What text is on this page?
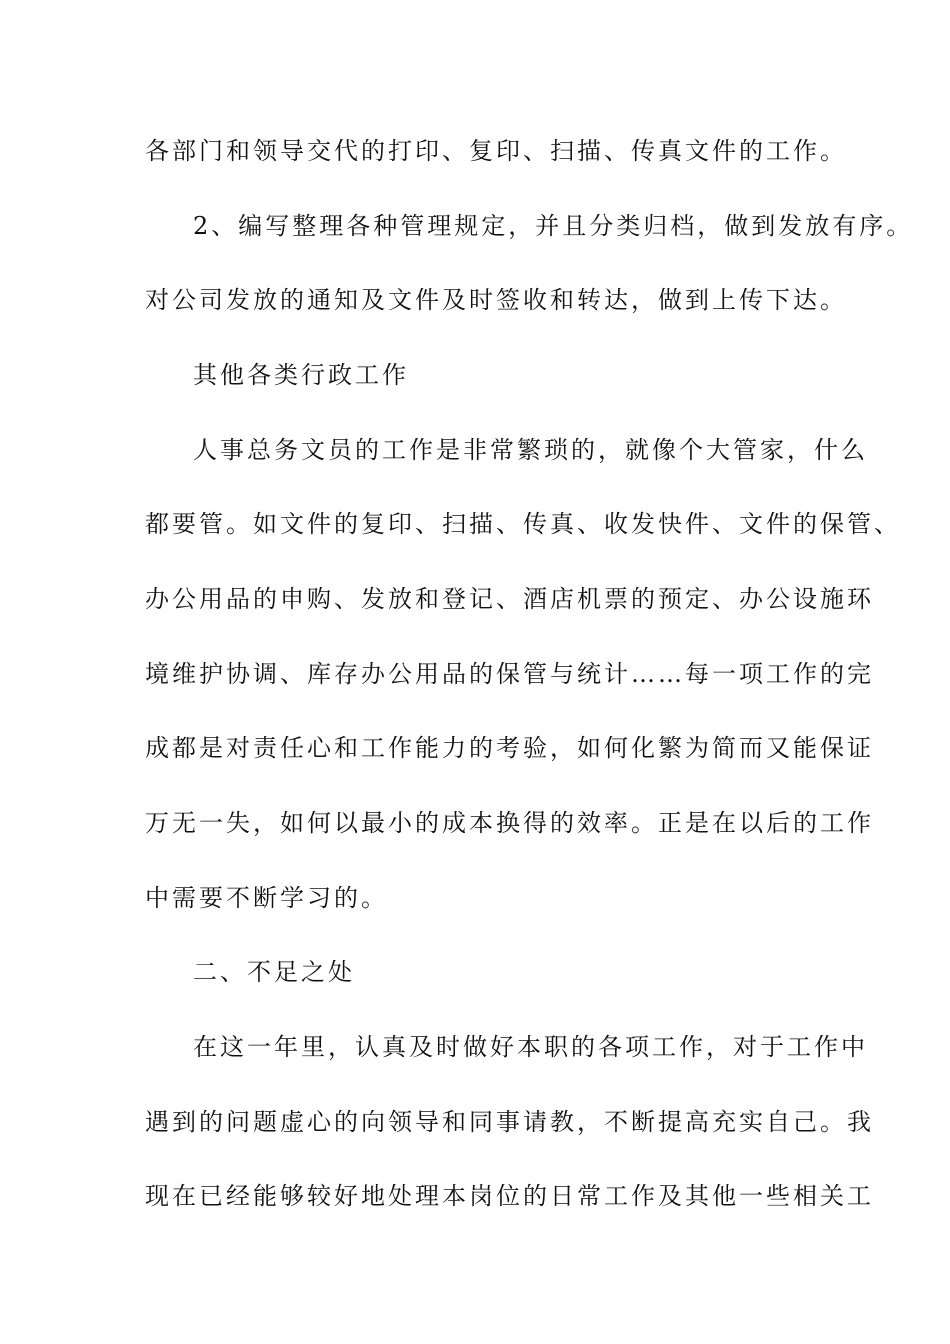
各部门和领导交代的打印、复印、扫描、传真文件的工作。
2、编写整理各种管理规定，并且分类归档，做到发放有序。
对公司发放的通知及文件及时签收和转达，做到上传下达。
其他各类行政工作
人事总务文员的工作是非常繁琐的，就像个大管家，什么
都要管。如文件的复印、扫描、传真、收发快件、文件的保管、
办公用品的申购、发放和登记、酒店机票的预定、办公设施环
境维护协调、库存办公用品的保管与统计……每一项工作的完
成都是对责任心和工作能力的考验，如何化繁为简而又能保证
万无一失，如何以最小的成本换得的效率。正是在以后的工作
中需要不断学习的。
二、不足之处
在这一年里，认真及时做好本职的各项工作，对于工作中
遇到的问题虚心的向领导和同事请教，不断提高充实自己。我
现在已经能够较好地处理本岗位的日常工作及其他一些相关工
